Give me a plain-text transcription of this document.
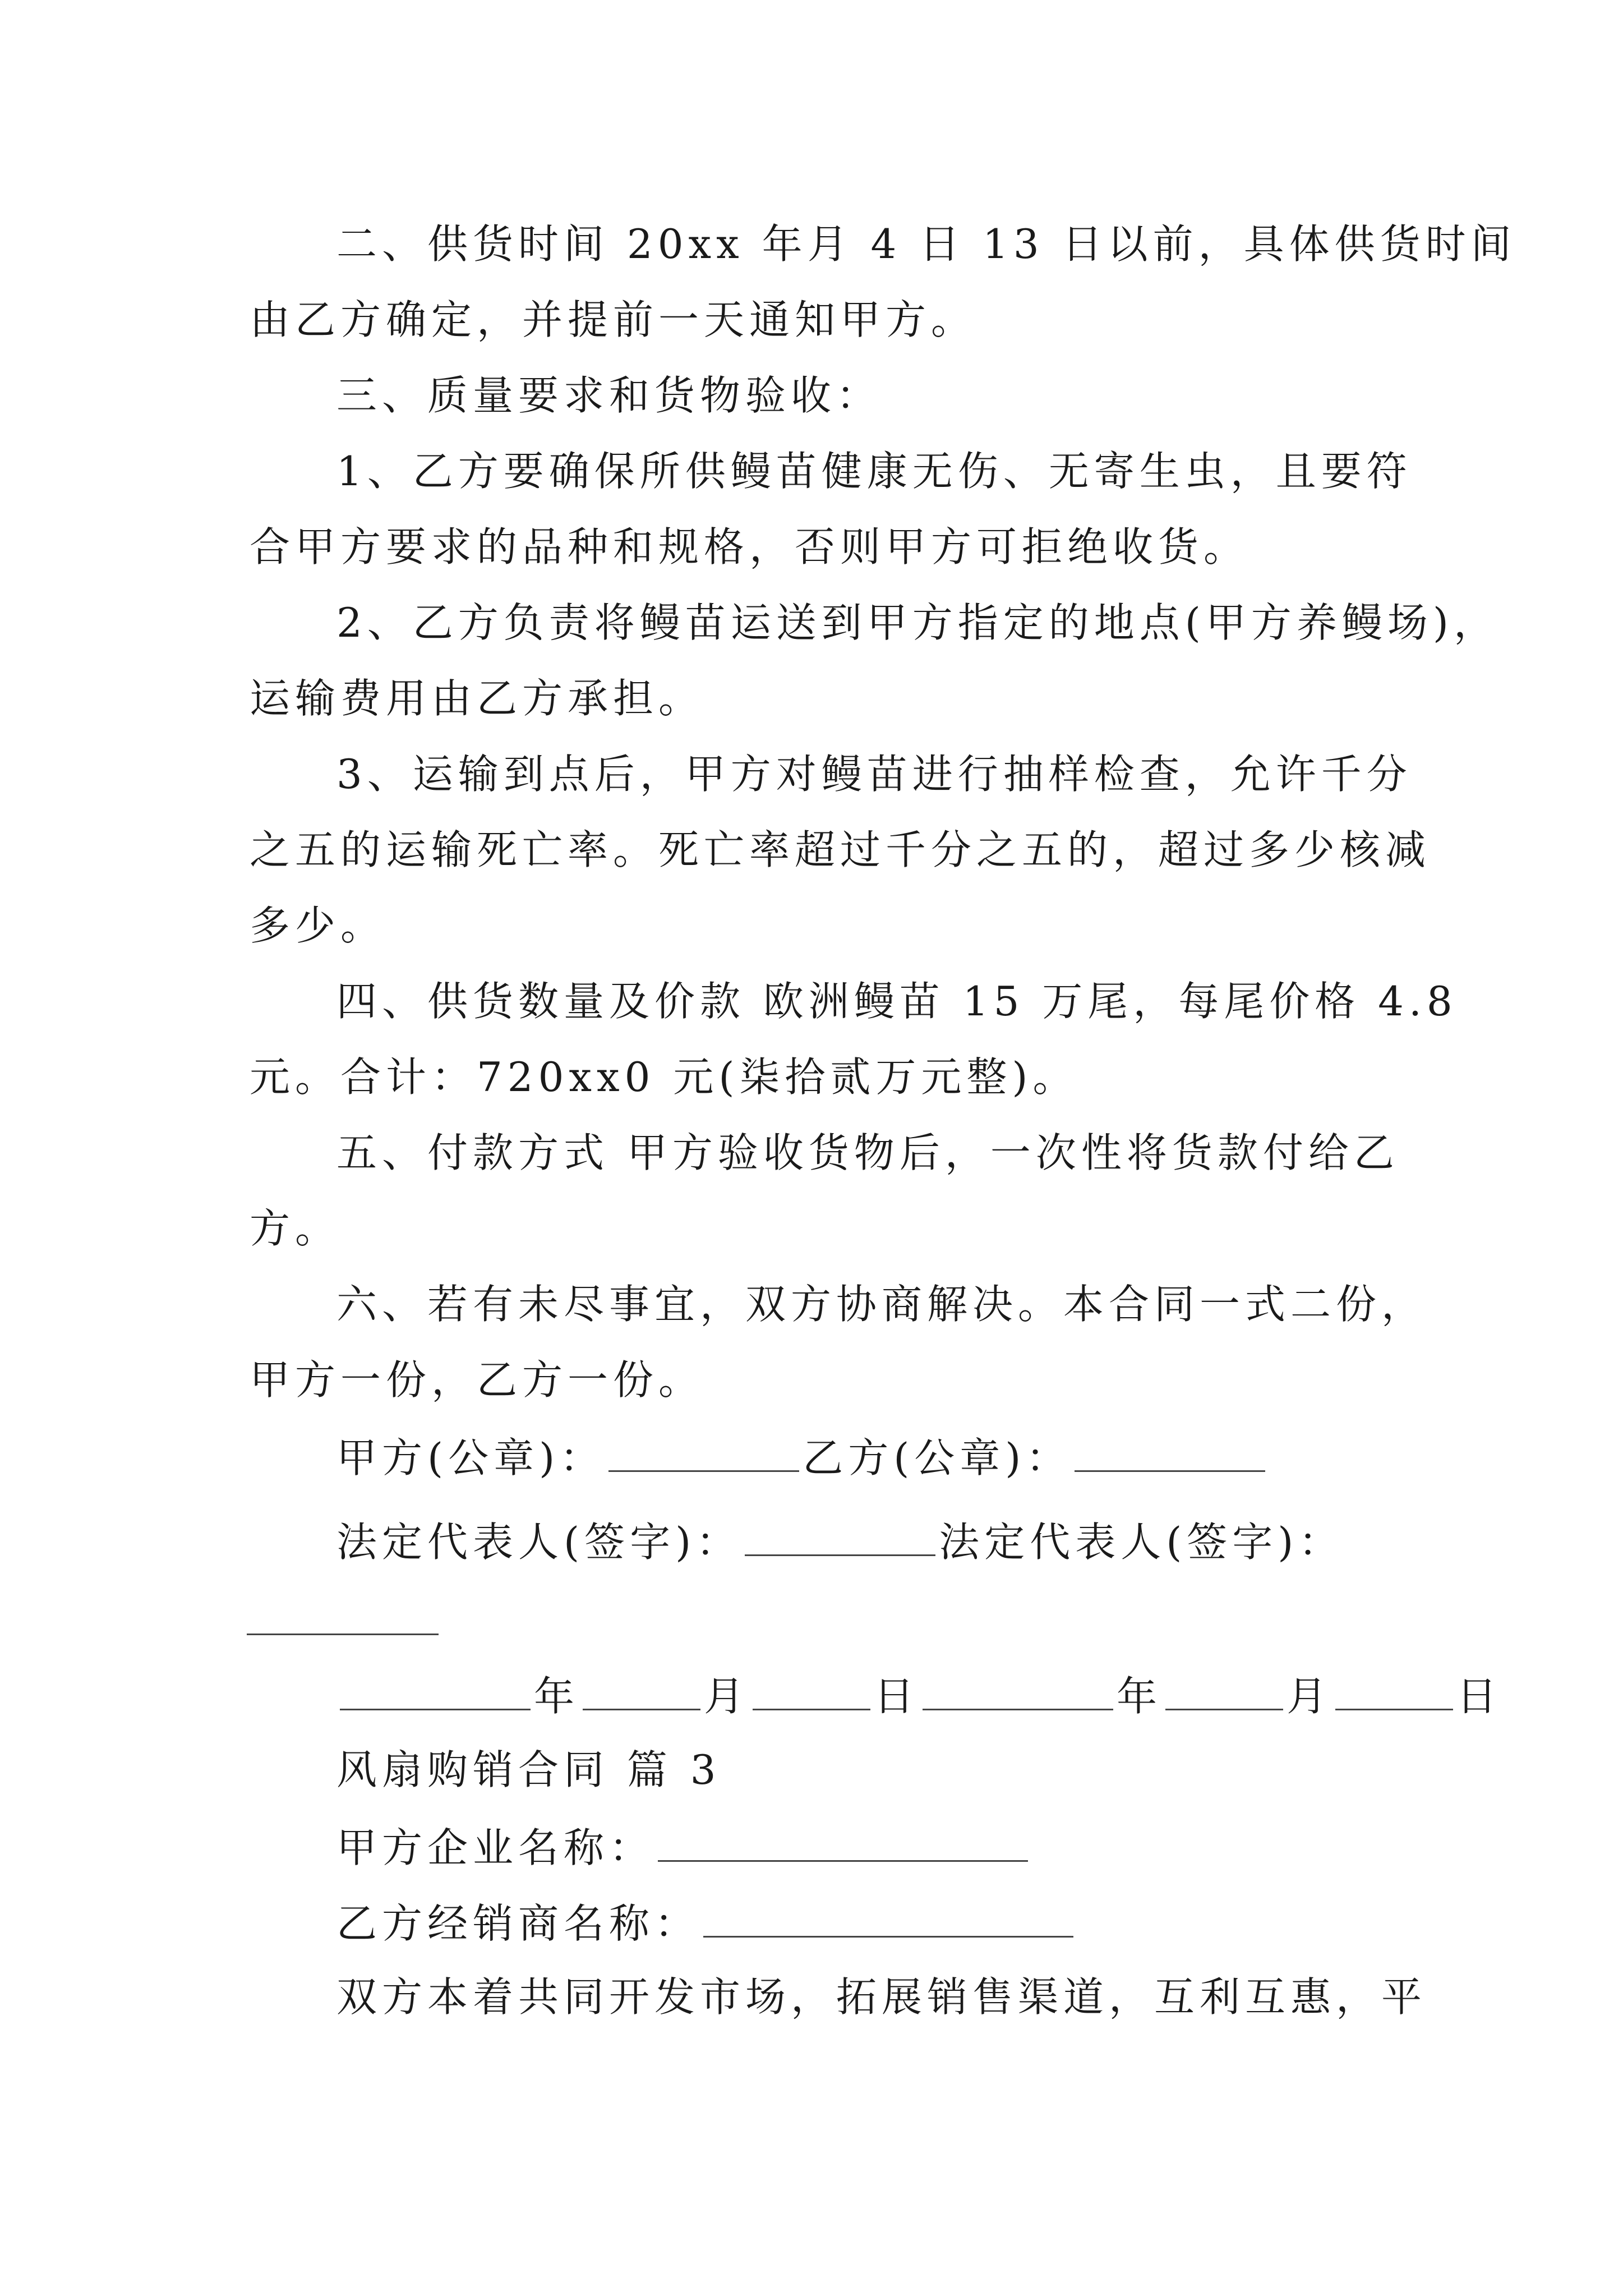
二、供货时间 20xx 年月 4 日 13 日以前，具体供货时间
由乙方确定，并提前一天通知甲方。
三、质量要求和货物验收：
1、乙方要确保所供鳗苗健康无伤、无寄生虫，且要符
合甲方要求的品种和规格，否则甲方可拒绝收货。
2、乙方负责将鳗苗运送到甲方指定的地点(甲方养鳗场)，
运输费用由乙方承担。
3、运输到点后，甲方对鳗苗进行抽样检查，允许千分
之五的运输死亡率。死亡率超过千分之五的，超过多少核减
多少。
四、供货数量及价款 欧洲鳗苗 15 万尾，每尾价格 4.8
元。合计：720xx0 元(柒拾贰万元整)。
五、付款方式 甲方验收货物后，一次性将货款付给乙
方。
六、若有未尽事宜，双方协商解决。本合同一式二份，
甲方一份，乙方一份。
甲方(公章)：	乙方(公章)：
法定代表人(签字)：	法定代表人(签字)：
年	月	日	年	月	日
风扇购销合同 篇 3
甲方企业名称：
乙方经销商名称：
双方本着共同开发市场，拓展销售渠道，互利互惠，平
